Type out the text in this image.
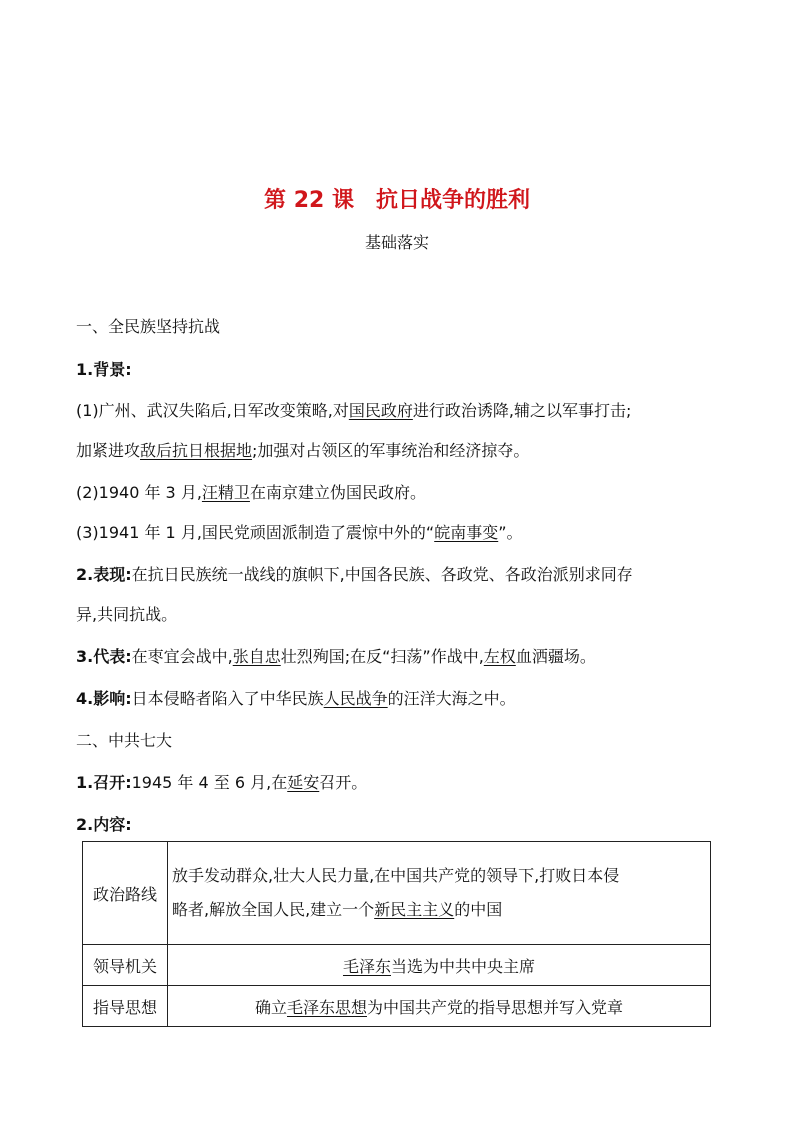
第 22 课　抗日战争的胜利
基础落实
一、全民族坚持抗战
1.背景:
(1)广州、武汉失陷后,日军改变策略,对国民政府进行政治诱降,辅之以军事打击;
加紧进攻敌后抗日根据地;加强对占领区的军事统治和经济掠夺。
(2)1940 年 3 月,汪精卫在南京建立伪国民政府。
(3)1941 年 1 月,国民党顽固派制造了震惊中外的“皖南事变”。
2.表现:在抗日民族统一战线的旗帜下,中国各民族、各政党、各政治派别求同存
异,共同抗战。
3.代表:在枣宜会战中,张自忠壮烈殉国;在反“扫荡”作战中,左权血洒疆场。
4.影响:日本侵略者陷入了中华民族人民战争的汪洋大海之中。
二、中共七大
1.召开:1945 年 4 至 6 月,在延安召开。
2.内容:
政治路线	放手发动群众,壮大人民力量,在中国共产党的领导下,打败日本侵
略者,解放全国人民,建立一个新民主主义的中国

领导机关	毛泽东当选为中共中央主席
指导思想	确立毛泽东思想为中国共产党的指导思想并写入党章
